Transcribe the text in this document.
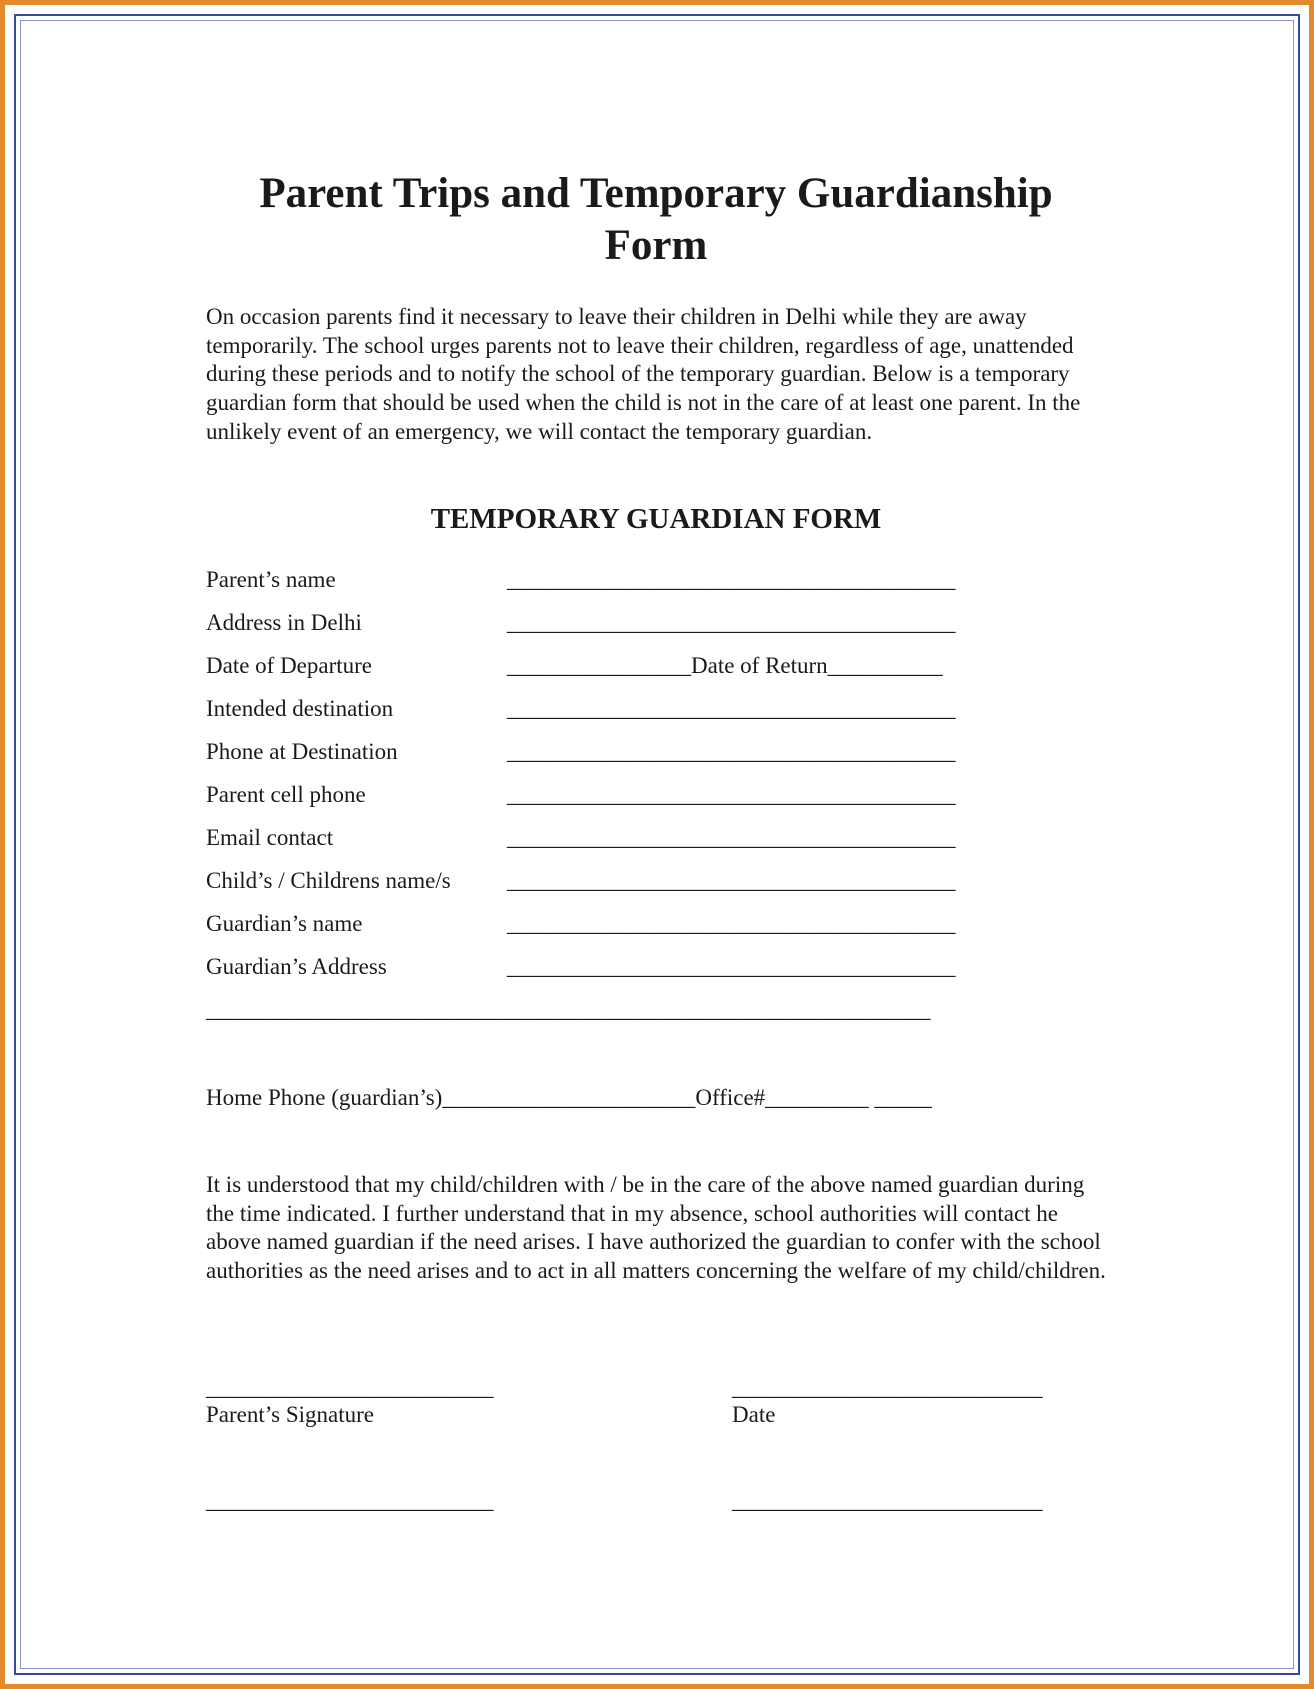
Parent Trips and Temporary Guardianship Form

On occasion parents find it necessary to leave their children in Delhi while they are away temporarily. The school urges parents not to leave their children, regardless of age, unattended during these periods and to notify the school of the temporary guardian. Below is a temporary guardian form that should be used when the child is not in the care of at least one parent. In the unlikely event of an emergency, we will contact the temporary guardian.

TEMPORARY GUARDIAN FORM
Parent’s name	_______________________________________
Address in Delhi	_______________________________________
Date of Departure	________________Date of Return__________
Intended destination	_______________________________________
Phone at Destination	_______________________________________
Parent cell phone	_______________________________________
Email contact	_______________________________________
Child’s / Childrens name/s _______________________________________
Guardian’s name	_______________________________________
Guardian’s Address	_______________________________________
_______________________________________________________________
Home Phone (guardian’s)______________________Office#_________ _____

It is understood that my child/children with / be in the care of the above named guardian during the time indicated. I further understand that in my absence, school authorities will contact he above named guardian if the need arises. I have authorized the guardian to confer with the school authorities as the need arises and to act in all matters concerning the welfare of my child/children.

_________________________
Parent’s Signature
___________________________
Date
_________________________	___________________________
